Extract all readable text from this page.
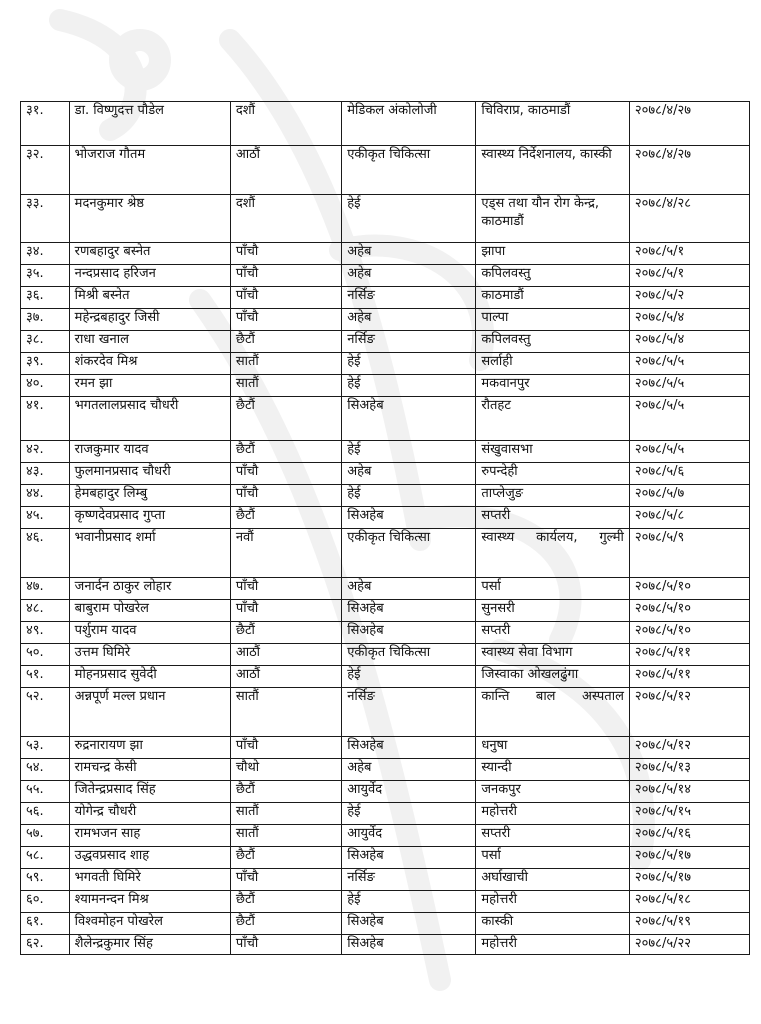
३१.	डा. विष्णुदत्त पौडेल	दशौं	मेडिकल अंकोलोजी	चिविराप्र, काठमाडौं	२०७८/४/२७
३२.	भोजराज गौतम	आठौं	एकीकृत चिकित्सा	स्वास्थ्य निर्देशनालय, कास्की	२०७८/४/२७
३३.	मदनकुमार श्रेष्ठ	दशौं	हेई	एड्स तथा यौन रोग केन्द्र, काठमाडौं	२०७८/४/२८
३४.	रणबहादुर बस्नेत	पाँचौ	अहेब	झापा	२०७८/५/१
३५.	नन्दप्रसाद हरिजन	पाँचौ	अहेब	कपिलवस्तु	२०७८/५/१
३६.	मिश्री बस्नेत	पाँचौ	नर्सिङ	काठमाडौं	२०७८/५/२
३७.	महेन्द्रबहादुर जिसी	पाँचौ	अहेब	पाल्पा	२०७८/५/४
३८.	राधा खनाल	छैटौं	नर्सिङ	कपिलवस्तु	२०७८/५/४
३९.	शंकरदेव मिश्र	सातौं	हेई	सर्लाही	२०७८/५/५
४०.	रमन झा	सातौं	हेई	मकवानपुर	२०७८/५/५
४१.	भगतलालप्रसाद चौधरी	छैटौं	सिअहेब	रौतहट	२०७८/५/५
४२.	राजकुमार यादव	छैटौं	हेई	संखुवासभा	२०७८/५/५
४३.	फुलमानप्रसाद चौधरी	पाँचौ	अहेब	रुपन्देही	२०७८/५/६
४४.	हेमबहादुर लिम्बु	पाँचौ	हेई	ताप्लेजुङ	२०७८/५/७
४५.	कृष्णदेवप्रसाद गुप्ता	छैटौं	सिअहेब	सप्तरी	२०७८/५/८
४६.	भवानीप्रसाद शर्मा	नवौं	एकीकृत चिकित्सा	स्वास्थ्य कार्यलय, गुल्मी	२०७८/५/९
४७.	जनार्दन ठाकुर लोहार	पाँचौ	अहेब	पर्सा	२०७८/५/१०
४८.	बाबुराम पोखरेल	पाँचौ	सिअहेब	सुनसरी	२०७८/५/१०
४९.	पर्शुराम यादव	छैटौं	सिअहेब	सप्तरी	२०७८/५/१०
५०.	उत्तम घिमिरे	आठौं	एकीकृत चिकित्सा	स्वास्थ्य सेवा विभाग	२०७८/५/११
५१.	मोहनप्रसाद सुवेदी	आठौं	हेई	जिस्वाका ओखलढुंगा	२०७८/५/११
५२.	अन्नपूर्ण मल्ल प्रधान	सातौं	नर्सिङ	कान्ति बाल अस्पताल	२०७८/५/१२
५३.	रुद्रनारायण झा	पाँचौ	सिअहेब	धनुषा	२०७८/५/१२
५४.	रामचन्द्र केसी	चौथो	अहेब	स्यान्दी	२०७८/५/१३
५५.	जितेन्द्रप्रसाद सिंह	छैटौं	आयुर्वेद	जनकपुर	२०७८/५/१४
५६.	योगेन्द्र चौधरी	सातौं	हेई	महोत्तरी	२०७८/५/१५
५७.	रामभजन साह	सातौं	आयुर्वेद	सप्तरी	२०७८/५/१६
५८.	उद्धवप्रसाद शाह	छैटौं	सिअहेब	पर्सा	२०७८/५/१७
५९.	भगवती घिमिरे	पाँचौ	नर्सिङ	अर्घाखाची	२०७८/५/१७
६०.	श्यामनन्दन मिश्र	छैटौं	हेई	महोत्तरी	२०७८/५/१८
६१.	विश्वमोहन पोखरेल	छैटौं	सिअहेब	कास्की	२०७८/५/१९
६२.	शैलेन्द्रकुमार सिंह	पाँचौ	सिअहेब	महोत्तरी	२०७८/५/२२
